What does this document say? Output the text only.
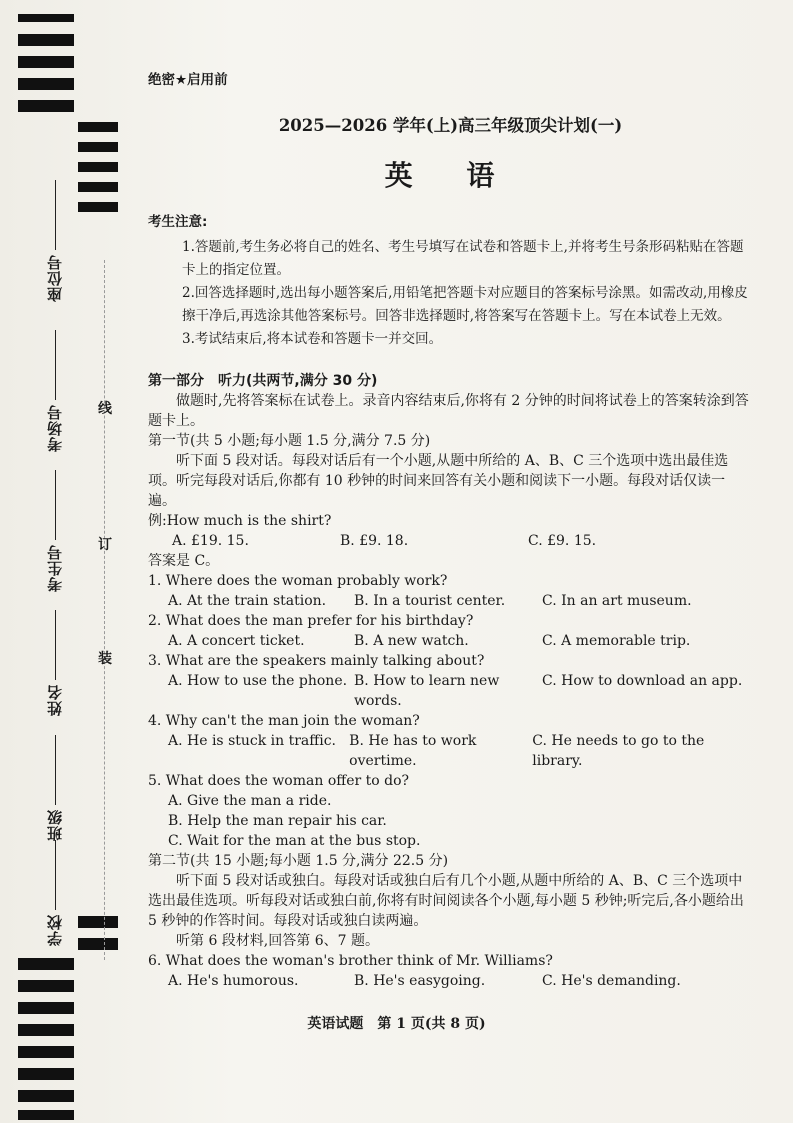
座位号
考场号
考生号
姓名
班级
学校
线
订
装
绝密★启用前
2025—2026 学年(上)高三年级顶尖计划(一)
英 语
考生注意:

1.答题前,考生务必将自己的姓名、考生号填写在试卷和答题卡上,并将考生号条形码粘贴在答题卡上的指定位置。

2.回答选择题时,选出每小题答案后,用铅笔把答题卡对应题目的答案标号涂黑。如需改动,用橡皮擦干净后,再选涂其他答案标号。回答非选择题时,将答案写在答题卡上。写在本试卷上无效。

3.考试结束后,将本试卷和答题卡一并交回。

第一部分　听力(共两节,满分 30 分)

做题时,先将答案标在试卷上。录音内容结束后,你将有 2 分钟的时间将试卷上的答案转涂到答题卡上。

第一节(共 5 小题;每小题 1.5 分,满分 7.5 分)

听下面 5 段对话。每段对话后有一个小题,从题中所给的 A、B、C 三个选项中选出最佳选项。听完每段对话后,你都有 10 秒钟的时间来回答有关小题和阅读下一小题。每段对话仅读一遍。

例:How much is the shirt?

A. £19. 15.	B. £9. 18.	C. £9. 15.

答案是 C。

1. Where does the woman probably work?

A. At the train station.	B. In a tourist center.	C. In an art museum.

2. What does the man prefer for his birthday?

A. A concert ticket.	B. A new watch.	C. A memorable trip.

3. What are the speakers mainly talking about?

A. How to use the phone. B. How to learn new words.
C. How to download an app.

4. Why can't the man join the woman?

A. He is stuck in traffic. B. He has to work overtime.
C. He needs to go to the library.

5. What does the woman offer to do?

A. Give the man a ride.

B. Help the man repair his car.

C. Wait for the man at the bus stop.

第二节(共 15 小题;每小题 1.5 分,满分 22.5 分)

听下面 5 段对话或独白。每段对话或独白后有几个小题,从题中所给的 A、B、C 三个选项中选出最佳选项。听每段对话或独白前,你将有时间阅读各个小题,每小题 5 秒钟;听完后,各小题给出 5 秒钟的作答时间。每段对话或独白读两遍。

听第 6 段材料,回答第 6、7 题。

6. What does the woman's brother think of Mr. Williams?

A. He's humorous.	B. He's easygoing.	C. He's demanding.
英语试题　第 1 页(共 8 页)
